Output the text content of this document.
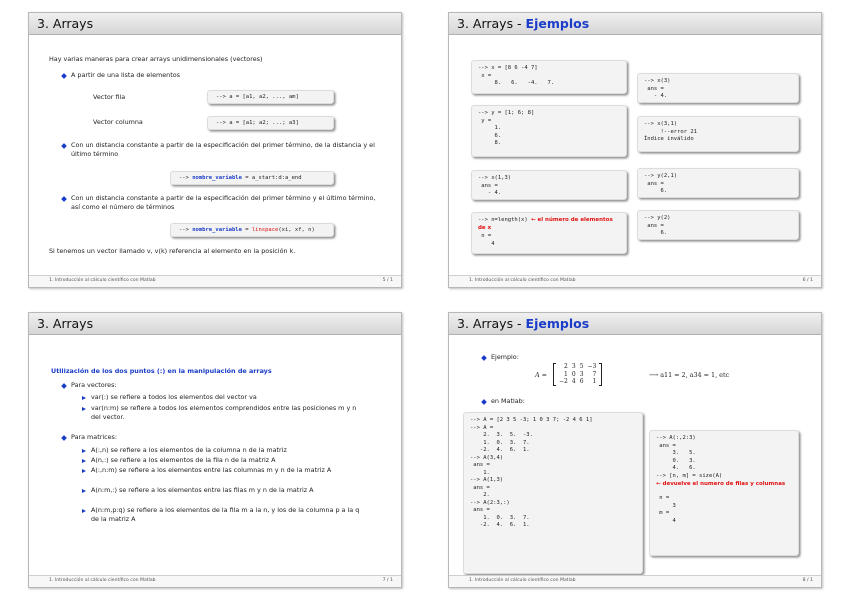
3. Arrays
Hay varias maneras para crear arrays unidimensionales (vectores)
A partir de una lista de elementos
Vector fila	--> a = [a1, a2, ..., am]
Vector columna	--> a = [a1; a2; ...; a3]
Con un distancia constante a partir de la especificación del primer término, de la distancia y el último término
--> nombre_variable = a_start:d:a_end
Con un distancia constante a partir de la especificación del primer término y el último término, así como el número de términos
--> nombre_variable = linspace(xi, xf, n)
Si tenemos un vector llamado v, v(k) referencia al elemento en la posición k.
1. Introducción al cálculo científico con Matlab	5 / 1
3. Arrays - Ejemplos
--> x = [8 6 -4 7]
x =
8.   6.   -4.   7.
--> y = [1; 6; 8]
y =
1.
6.
8.
--> x(1,3)
ans =
- 4.
--> n=length(x) ← el número de elementos de x
n =
4
--> x(3)
ans =
- 4.
--> x(3,1)
!--error 21
Índice inválido
--> y(2,1)
ans =
6.
--> y(2)
ans =
6.
1. Introducción al cálculo científico con Matlab	6 / 1
3. Arrays
Utilización de los dos puntos (:) en la manipulación de arrays
Para vectores:
var(:) se refiere a todos los elementos del vector va
var(n:m) se refiere a todos los elementos comprendidos entre las posiciones m y n del vector.
Para matrices:
A(:,n) se refiere a los elementos de la columna n de la matriz
A(n,:) se refiere a los elementos de la fila n de la matriz A
A(:,n:m) se refiere a los elementos entre las columnas m y n de la matriz A
A(n:m,:) se refiere a los elementos entre las filas m y n de la matriz A
A(n:m,p:q) se refiere a los elementos de la fila m a la n, y los de la columna p a la q de la matriz A
1. Introducción al cálculo científico con Matlab	7 / 1
3. Arrays - Ejemplos
Ejemplo:
A =
2	3	5	−3
1	0	3	7
−2	4	6	1
⟶ a11 = 2, a34 = 1, etc
en Matlab:
--> A = [2 3 5 -3; 1 0 3 7; -2 4 6 1]
--> A =
2.  3.  5.  -3.
1.  0.  3.  7.
-2.  4.  6.  1.
--> A(3,4)
ans =
1.
--> A(1,3)
ans =
2.
--> A(2:3,:)
ans =
1.  0.  3.  7.
-2.  4.  6.  1.
--> A(:,2:3)
ans =
3.   5.
0.   3.
4.   6.
--> [n, m] = size(A)
← devuelve el numero de filas y columnas
n =
3
m =
4
1. Introducción al cálculo científico con Matlab	8 / 1
